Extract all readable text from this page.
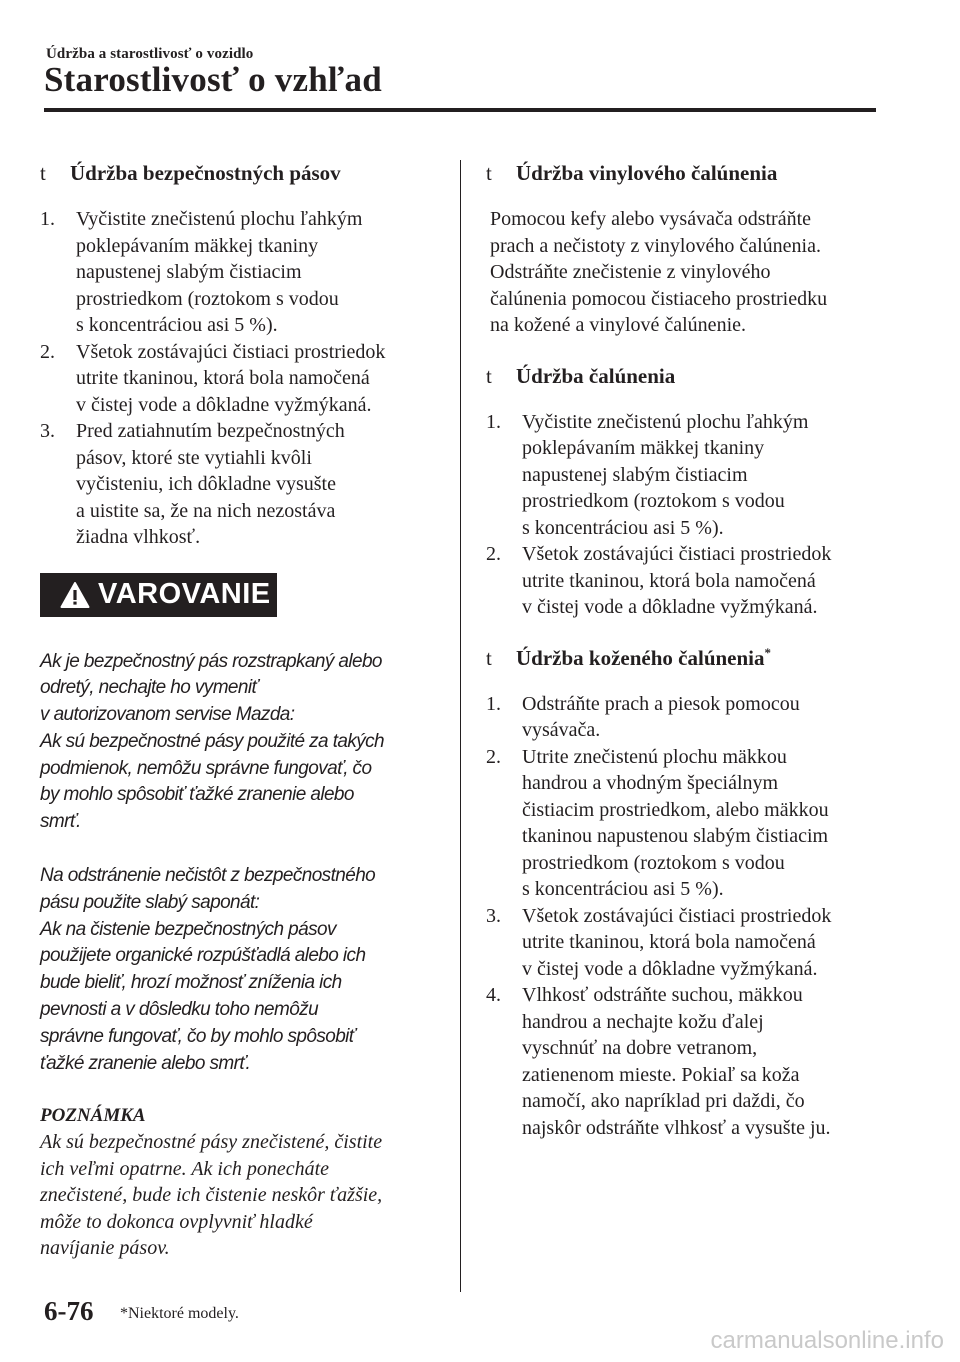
Údržba a starostlivosť o vozidlo
Starostlivosť o vzhľad
t Údržba bezpečnostných pásov
1. Vyčistite znečistenú plochu ľahkým
poklepávaním mäkkej tkaniny
napustenej slabým čistiacim
prostriedkom (roztokom s vodou
s koncentráciou asi 5 %).
2. Všetok zostávajúci čistiaci prostriedok
utrite tkaninou, ktorá bola namočená
v čistej vode a dôkladne vyžmýkaná.
3. Pred zatiahnutím bezpečnostných
pásov, ktoré ste vytiahli kvôli
vyčisteniu, ich dôkladne vysušte
a uistite sa, že na nich nezostáva
žiadna vlhkosť.
VAROVANIE

Ak je bezpečnostný pás rozstrapkaný alebo
odretý, nechajte ho vymeniť
v autorizovanom servise Mazda:

Ak sú bezpečnostné pásy použité za takých
podmienok, nemôžu správne fungovať, čo
by mohlo spôsobiť ťažké zranenie alebo
smrť.

Na odstránenie nečistôt z bezpečnostného
pásu použite slabý saponát:

Ak na čistenie bezpečnostných pásov
použijete organické rozpúšťadlá alebo ich
bude bieliť, hrozí možnosť zníženia ich
pevnosti a v dôsledku toho nemôžu
správne fungovať, čo by mohlo spôsobiť
ťažké zranenie alebo smrť.

POZNÁMKA

Ak sú bezpečnostné pásy znečistené, čistite
ich veľmi opatrne. Ak ich ponecháte
znečistené, bude ich čistenie neskôr ťažšie,
môže to dokonca ovplyvniť hladké
navíjanie pásov.

t Údržba vinylového čalúnenia

Pomocou kefy alebo vysávača odstráňte
prach a nečistoty z vinylového čalúnenia.
Odstráňte znečistenie z vinylového
čalúnenia pomocou čistiaceho prostriedku
na kožené a vinylové čalúnenie.

t Údržba čalúnenia
1. Vyčistite znečistenú plochu ľahkým
poklepávaním mäkkej tkaniny
napustenej slabým čistiacim
prostriedkom (roztokom s vodou
s koncentráciou asi 5 %).
2. Všetok zostávajúci čistiaci prostriedok
utrite tkaninou, ktorá bola namočená
v čistej vode a dôkladne vyžmýkaná.
t Údržba koženého čalúnenia*
1. Odstráňte prach a piesok pomocou
vysávača.
2. Utrite znečistenú plochu mäkkou
handrou a vhodným špeciálnym
čistiacim prostriedkom, alebo mäkkou
tkaninou napustenou slabým čistiacim
prostriedkom (roztokom s vodou
s koncentráciou asi 5 %).
3. Všetok zostávajúci čistiaci prostriedok
utrite tkaninou, ktorá bola namočená
v čistej vode a dôkladne vyžmýkaná.
4. Vlhkosť odstráňte suchou, mäkkou
handrou a nechajte kožu ďalej
vyschnúť na dobre vetranom,
zatienenom mieste. Pokiaľ sa koža
namočí, ako napríklad pri daždi, čo
najskôr odstráňte vlhkosť a vysušte ju.
6-76 *Niektoré modely.
carmanualsonline.info
